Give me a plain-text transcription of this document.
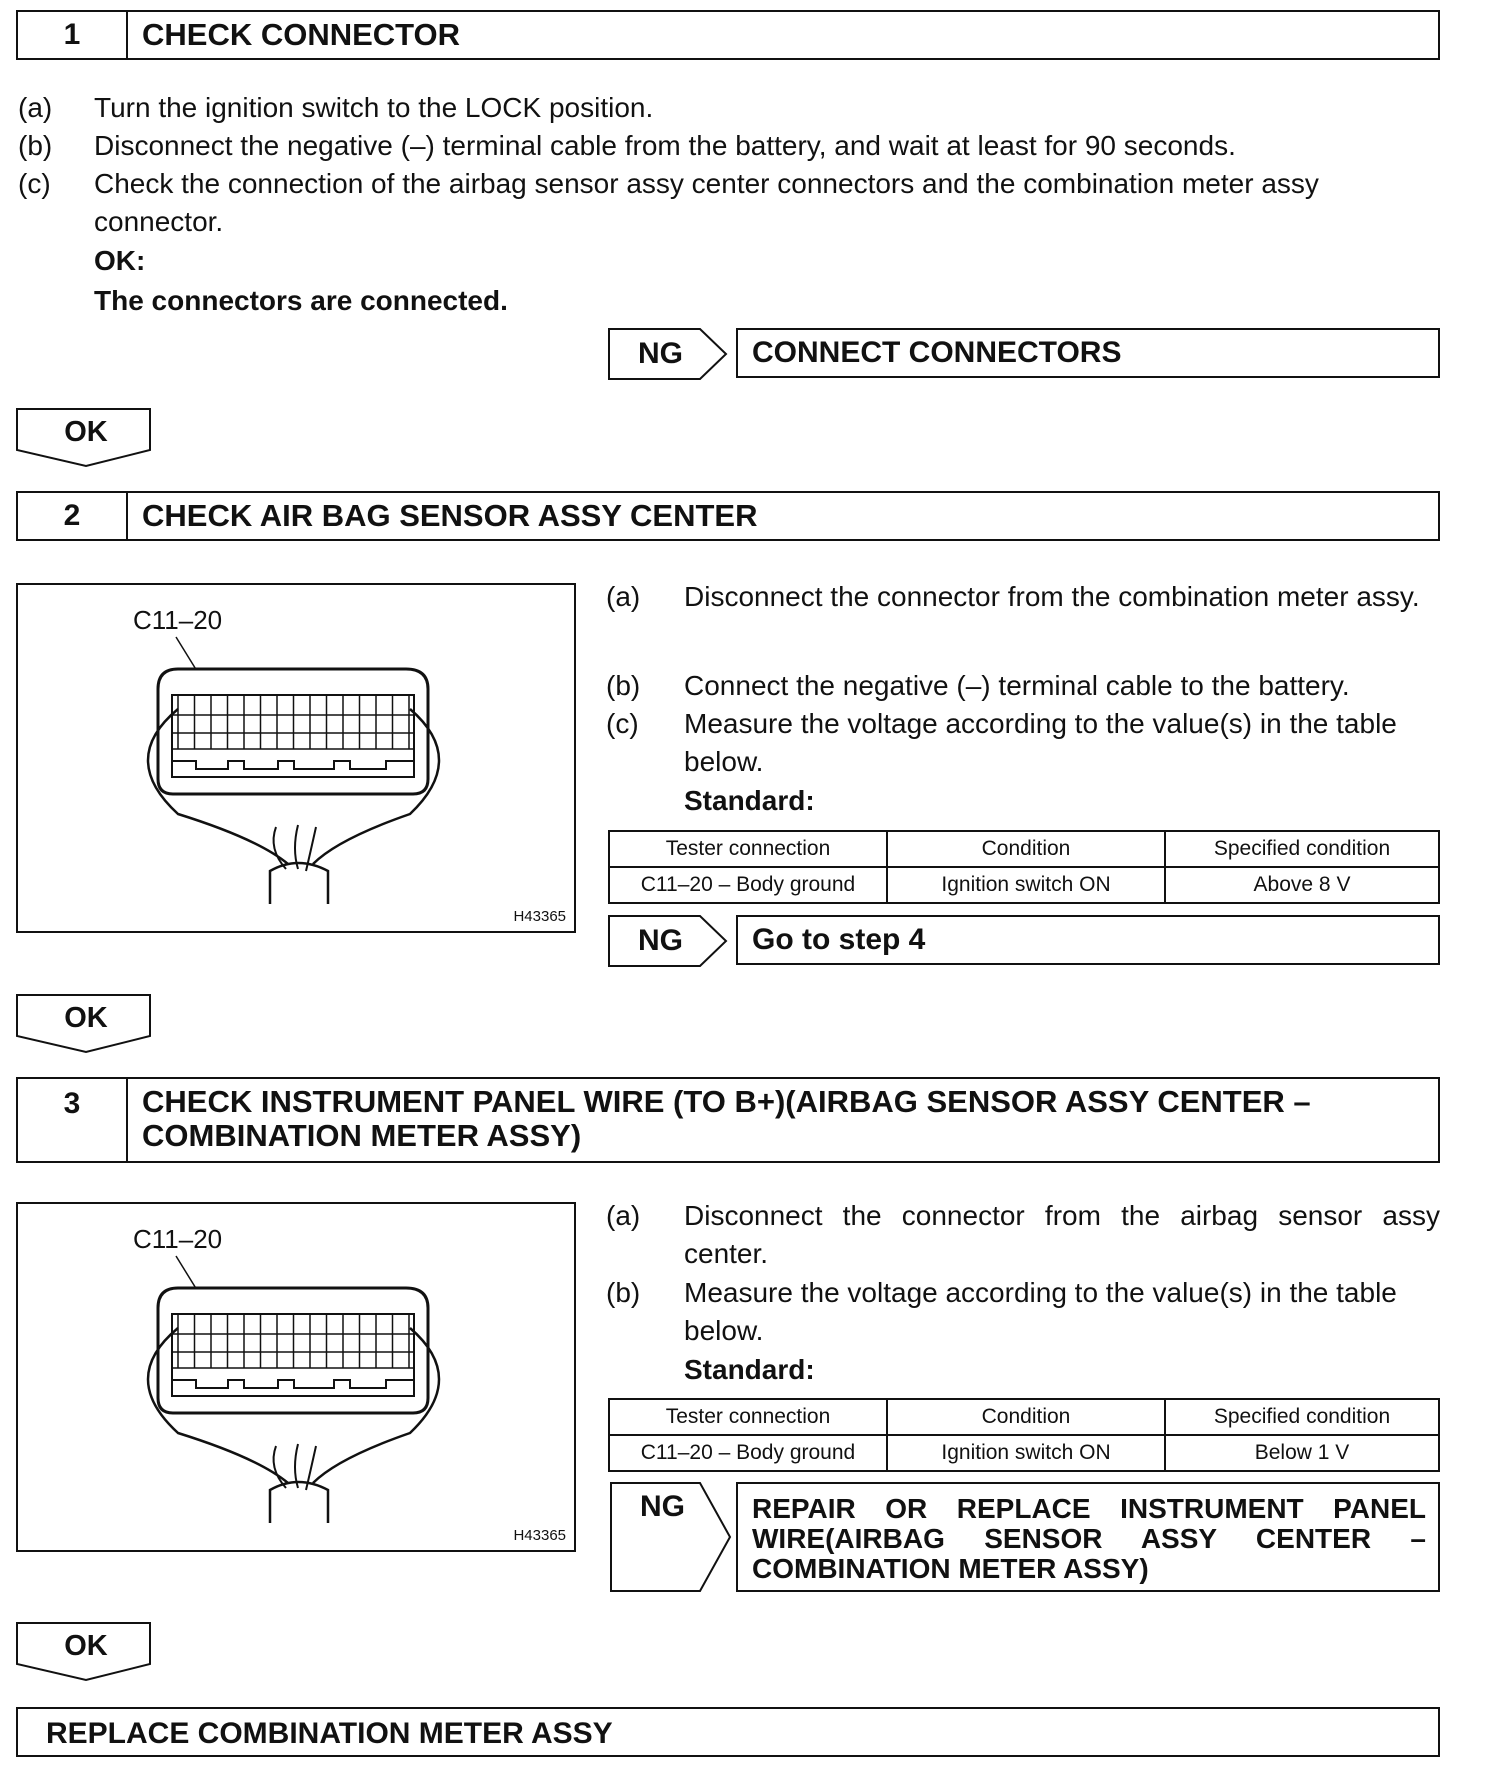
1	CHECK CONNECTOR
(a) Turn the ignition switch to the LOCK position.
(b) Disconnect the negative (–) terminal cable from the battery, and wait at least for 90 seconds.
(c) Check the connection of the airbag sensor assy center connectors and the combination meter assy connector.
OK:
The connectors are connected.
NG	CONNECT CONNECTORS
OK
2	CHECK AIR BAG SENSOR ASSY CENTER
C11–20
H43365
(a) Disconnect the connector from the combination meter assy.
(b) Connect the negative (–) terminal cable to the battery.
(c) Measure the voltage according to the value(s) in the table below.
Standard:
Tester connection	Condition	Specified condition
C11–20 – Body ground	Ignition switch ON	Above 8 V
NG	Go to step 4
OK
3	CHECK INSTRUMENT PANEL WIRE (TO B+)(AIRBAG SENSOR ASSY CENTER – COMBINATION METER ASSY)
C11–20
H43365
(a) Disconnect the connector from the airbag sensor assy center.
(b) Measure the voltage according to the value(s) in the table below.
Standard:
Tester connection	Condition	Specified condition
C11–20 – Body ground	Ignition switch ON	Below 1 V
NG	REPAIR OR REPLACE INSTRUMENT PANEL WIRE(AIRBAG SENSOR ASSY CENTER – COMBINATION METER ASSY)
OK
REPLACE COMBINATION METER ASSY
